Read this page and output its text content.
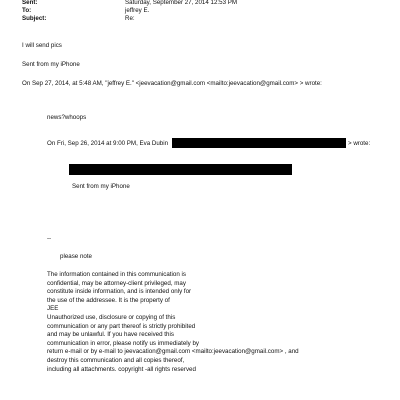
Sent:	Saturday, September 27, 2014 12:53 PM
To:	jeffrey E.
Subject:	Re:
I will send pics
Sent from my iPhone
On Sep 27, 2014, at 5:48 AM, "jeffrey E." <jeevacation@gmail.com <mailto:jeevacation@gmail.com> > wrote:
news?whoops
On Fri, Sep 26, 2014 at 9:00 PM, Eva Dubin	> wrote:
Sent from my iPhone
--
please note
The information contained in this communication is
confidential, may be attorney-client privileged, may
constitute inside information, and is intended only for
the use of the addressee. It is the property of
JEE
Unauthorized use, disclosure or copying of this
communication or any part thereof is strictly prohibited
and may be unlawful. If you have received this
communication in error, please notify us immediately by
return e-mail or by e-mail to jeevacation@gmail.com <mailto:jeevacation@gmail.com> , and
destroy this communication and all copies thereof,
including all attachments. copyright -all rights reserved
